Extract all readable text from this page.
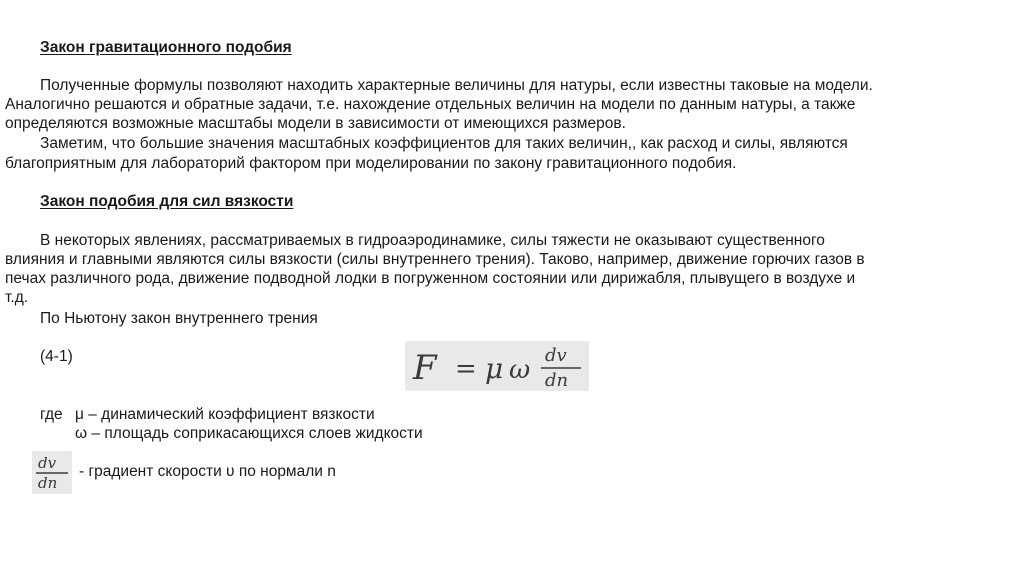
Закон гравитационного подобия
Полученные формулы позволяют находить характерные величины для натуры, если известны таковые на модели.
Аналогично решаются и обратные задачи, т.е. нахождение отдельных величин на модели по данным натуры, а также
определяются возможные масштабы модели в зависимости от имеющихся размеров.
Заметим, что большие значения масштабных коэффициентов для таких величин,, как расход и силы, являются
благоприятным для лабораторий фактором при моделировании по закону гравитационного подобия.
Закон подобия для сил вязкости
В некоторых явлениях, рассматриваемых в гидроаэродинамике, силы тяжести не оказывают существенного
влияния и главными являются силы вязкости (силы внутреннего трения). Таково, например, движение горючих газов в
печах различного рода, движение подводной лодки в погруженном состоянии или дирижабля, плывущего в воздухе и
т.д.
По Ньютону закон внутреннего трения
(4-1)	F = μ ω dv
dn
где μ – динамический коэффициент вязкости
ω – площадь соприкасающихся слоев жидкости
dv
dn
- градиент скорости υ по нормали n
